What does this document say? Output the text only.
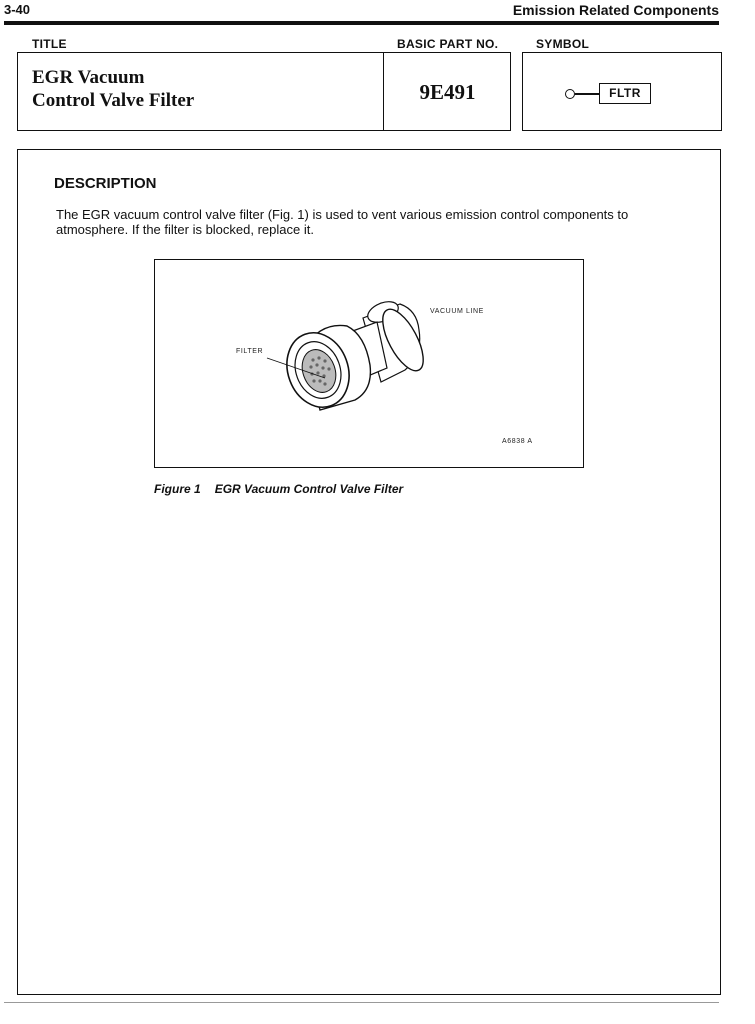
3-40	Emission Related Components
TITLE	BASIC PART NO.	SYMBOL
EGR Vacuum
Control Valve Filter	9E491	FLTR
DESCRIPTION
The EGR vacuum control valve filter (Fig. 1) is used to vent various emission control components to atmosphere. If the filter is blocked, replace it.
VACUUM LINE
FILTER
A6838 A
Figure 1 EGR Vacuum Control Valve Filter
